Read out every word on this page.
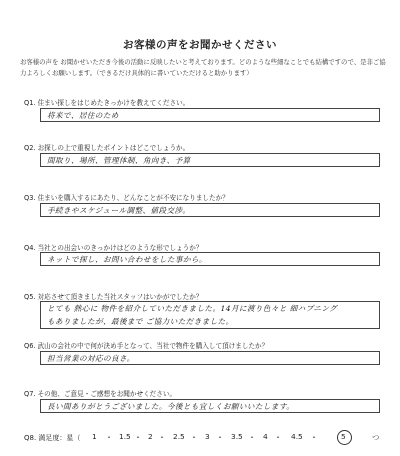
お客様の声をお聞かせください
お客様の声を お聞かせいただき今後の活動に反映したいと考えております。どのような些細なことでも結構ですので、是非ご協力よろしくお願いします。（できるだけ具体的に書いていただけると助かります）
Q1. 住まい探しをはじめたきっかけを教えてください。
将来で、居住のため
Q2. お探しの上で重視したポイントはどこでしょうか。
間取り、場所、管理体制、角向き、予算
Q3. 住まいを購入するにあたり、どんなことが不安になりましたか？
手続きやスケジュール調整、値段交渉。
Q4. 当社との出会いのきっかけはどのような形でしょうか？
ネットで探し、お問い合わせをした事から。
Q5. 対応させて頂きました当社スタッフはいかがでしたか？
とても 熱心に 物件を紹介していただきました。14月に渡り色々と 細ハプニング
もありましたが、最後まで ご協力いただきました。
Q6. 武山の会社の中で何が決め手となって、当社で物件を購入して頂けましたか？
担当営業の対応の良さ。
Q7. その他、ご意見・ご感想をお聞かせください。
長い間ありがとうございました。今後とも宜しくお願いいたします。
Q8. 満足度：星（ 1 ・ 1.5 ・ 2 ・ 2.5 ・ 3 ・ 3.5 ・ 4 ・ 4.5 ・	5	つ
